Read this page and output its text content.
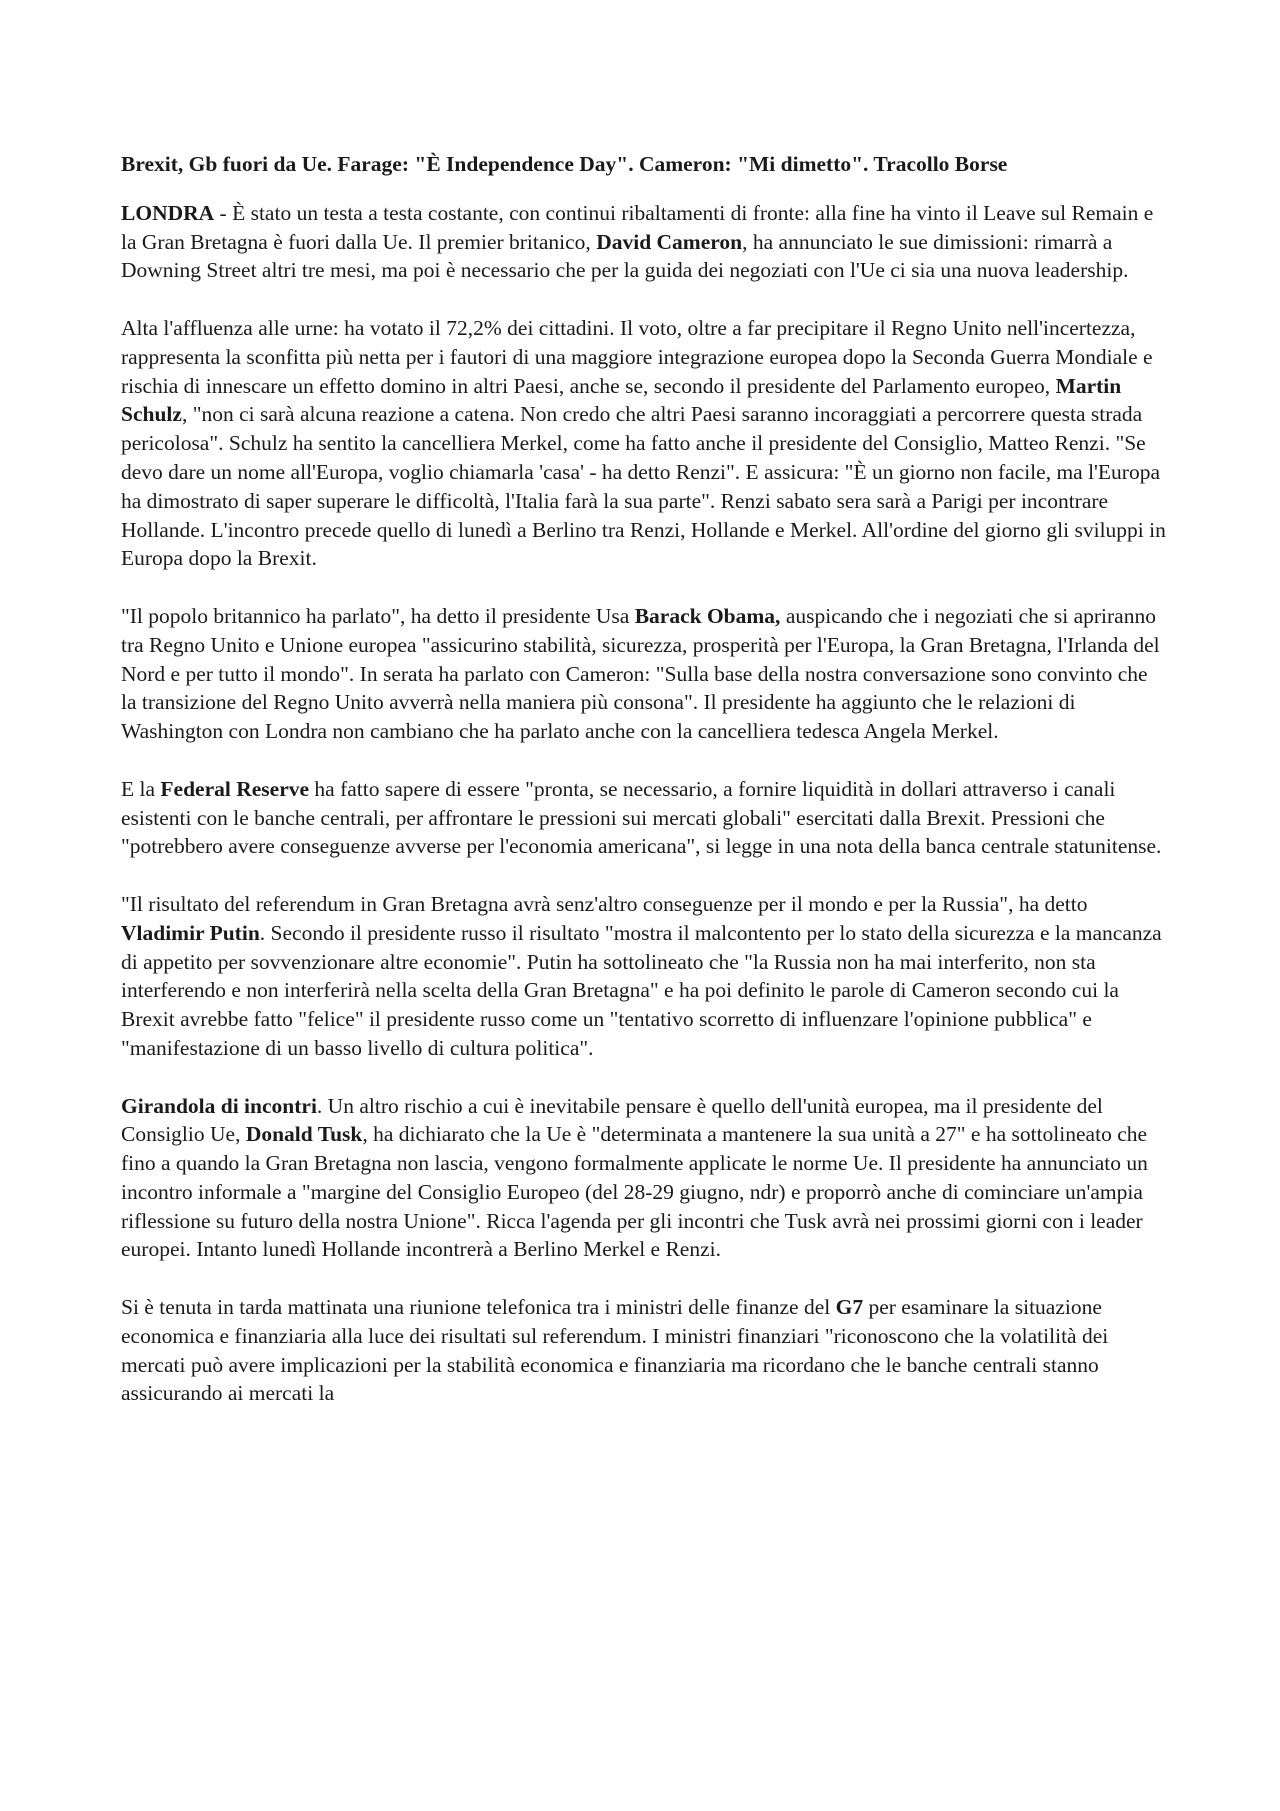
Brexit, Gb fuori da Ue. Farage: "È Independence Day". Cameron: "Mi dimetto". Tracollo Borse

LONDRA - È stato un testa a testa costante, con continui ribaltamenti di fronte: alla fine ha vinto il Leave sul Remain e la Gran Bretagna è fuori dalla Ue. Il premier britanico, David Cameron, ha annunciato le sue dimissioni: rimarrà a Downing Street altri tre mesi, ma poi è necessario che per la guida dei negoziati con l'Ue ci sia una nuova leadership.

Alta l'affluenza alle urne: ha votato il 72,2% dei cittadini. Il voto, oltre a far precipitare il Regno Unito nell'incertezza, rappresenta la sconfitta più netta per i fautori di una maggiore integrazione europea dopo la Seconda Guerra Mondiale e rischia di innescare un effetto domino in altri Paesi, anche se, secondo il presidente del Parlamento europeo, Martin Schulz, "non ci sarà alcuna reazione a catena. Non credo che altri Paesi saranno incoraggiati a percorrere questa strada pericolosa". Schulz ha sentito la cancelliera Merkel, come ha fatto anche il presidente del Consiglio, Matteo Renzi. "Se devo dare un nome all'Europa, voglio chiamarla 'casa' - ha detto Renzi". E assicura: "È un giorno non facile, ma l'Europa ha dimostrato di saper superare le difficoltà, l'Italia farà la sua parte". Renzi sabato sera sarà a Parigi per incontrare Hollande. L'incontro precede quello di lunedì a Berlino tra Renzi, Hollande e Merkel. All'ordine del giorno gli sviluppi in Europa dopo la Brexit.

"Il popolo britannico ha parlato", ha detto il presidente Usa Barack Obama, auspicando che i negoziati che si apriranno tra Regno Unito e Unione europea "assicurino stabilità, sicurezza, prosperità per l'Europa, la Gran Bretagna, l'Irlanda del Nord e per tutto il mondo". In serata ha parlato con Cameron: "Sulla base della nostra conversazione sono convinto che la transizione del Regno Unito avverrà nella maniera più consona". Il presidente ha aggiunto che le relazioni di Washington con Londra non cambiano che ha parlato anche con la cancelliera tedesca Angela Merkel.

E la Federal Reserve ha fatto sapere di essere "pronta, se necessario, a fornire liquidità in dollari attraverso i canali esistenti con le banche centrali, per affrontare le pressioni sui mercati globali" esercitati dalla Brexit. Pressioni che "potrebbero avere conseguenze avverse per l'economia americana", si legge in una nota della banca centrale statunitense.

"Il risultato del referendum in Gran Bretagna avrà senz'altro conseguenze per il mondo e per la Russia", ha detto Vladimir Putin. Secondo il presidente russo il risultato "mostra il malcontento per lo stato della sicurezza e la mancanza di appetito per sovvenzionare altre economie". Putin ha sottolineato che "la Russia non ha mai interferito, non sta interferendo e non interferirà nella scelta della Gran Bretagna" e ha poi definito le parole di Cameron secondo cui la Brexit avrebbe fatto "felice" il presidente russo come un "tentativo scorretto di influenzare l'opinione pubblica" e "manifestazione di un basso livello di cultura politica".

Girandola di incontri. Un altro rischio a cui è inevitabile pensare è quello dell'unità europea, ma il presidente del Consiglio Ue, Donald Tusk, ha dichiarato che la Ue è "determinata a mantenere la sua unità a 27" e ha sottolineato che fino a quando la Gran Bretagna non lascia, vengono formalmente applicate le norme Ue. Il presidente ha annunciato un incontro informale a "margine del Consiglio Europeo (del 28-29 giugno, ndr) e proporrò anche di cominciare un'ampia riflessione su futuro della nostra Unione". Ricca l'agenda per gli incontri che Tusk avrà nei prossimi giorni con i leader europei. Intanto lunedì Hollande incontrerà a Berlino Merkel e Renzi.

Si è tenuta in tarda mattinata una riunione telefonica tra i ministri delle finanze del G7 per esaminare la situazione economica e finanziaria alla luce dei risultati sul referendum. I ministri finanziari "riconoscono che la volatilità dei mercati può avere implicazioni per la stabilità economica e finanziaria ma ricordano che le banche centrali stanno assicurando ai mercati la
